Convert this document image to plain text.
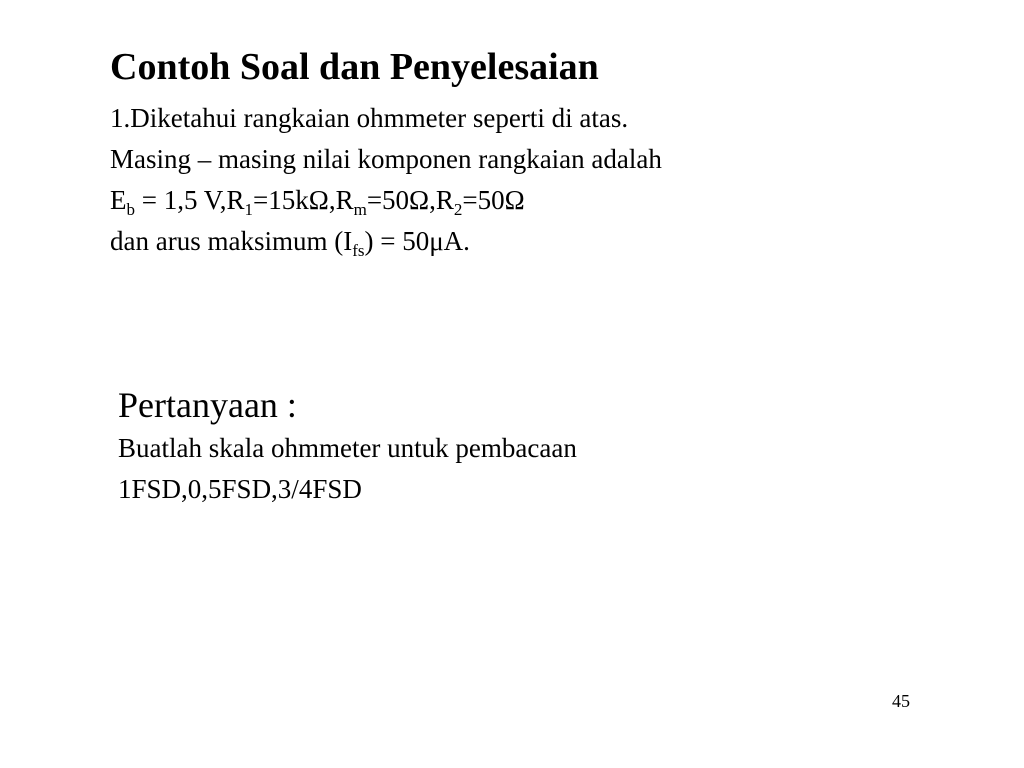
Contoh Soal dan Penyelesaian
1.Diketahui rangkaian ohmmeter seperti di atas.
Masing – masing nilai komponen rangkaian adalah
$E_b = 1,5$ $V,R_1=15k\Omega,R_m=50\Omega,R_2=50\Omega$
dan arus maksimum $(I_{fs}) = 50\mu A$.
Pertanyaan :
Buatlah skala ohmmeter untuk pembacaan
1FSD,0,5FSD,3/4FSD
45
